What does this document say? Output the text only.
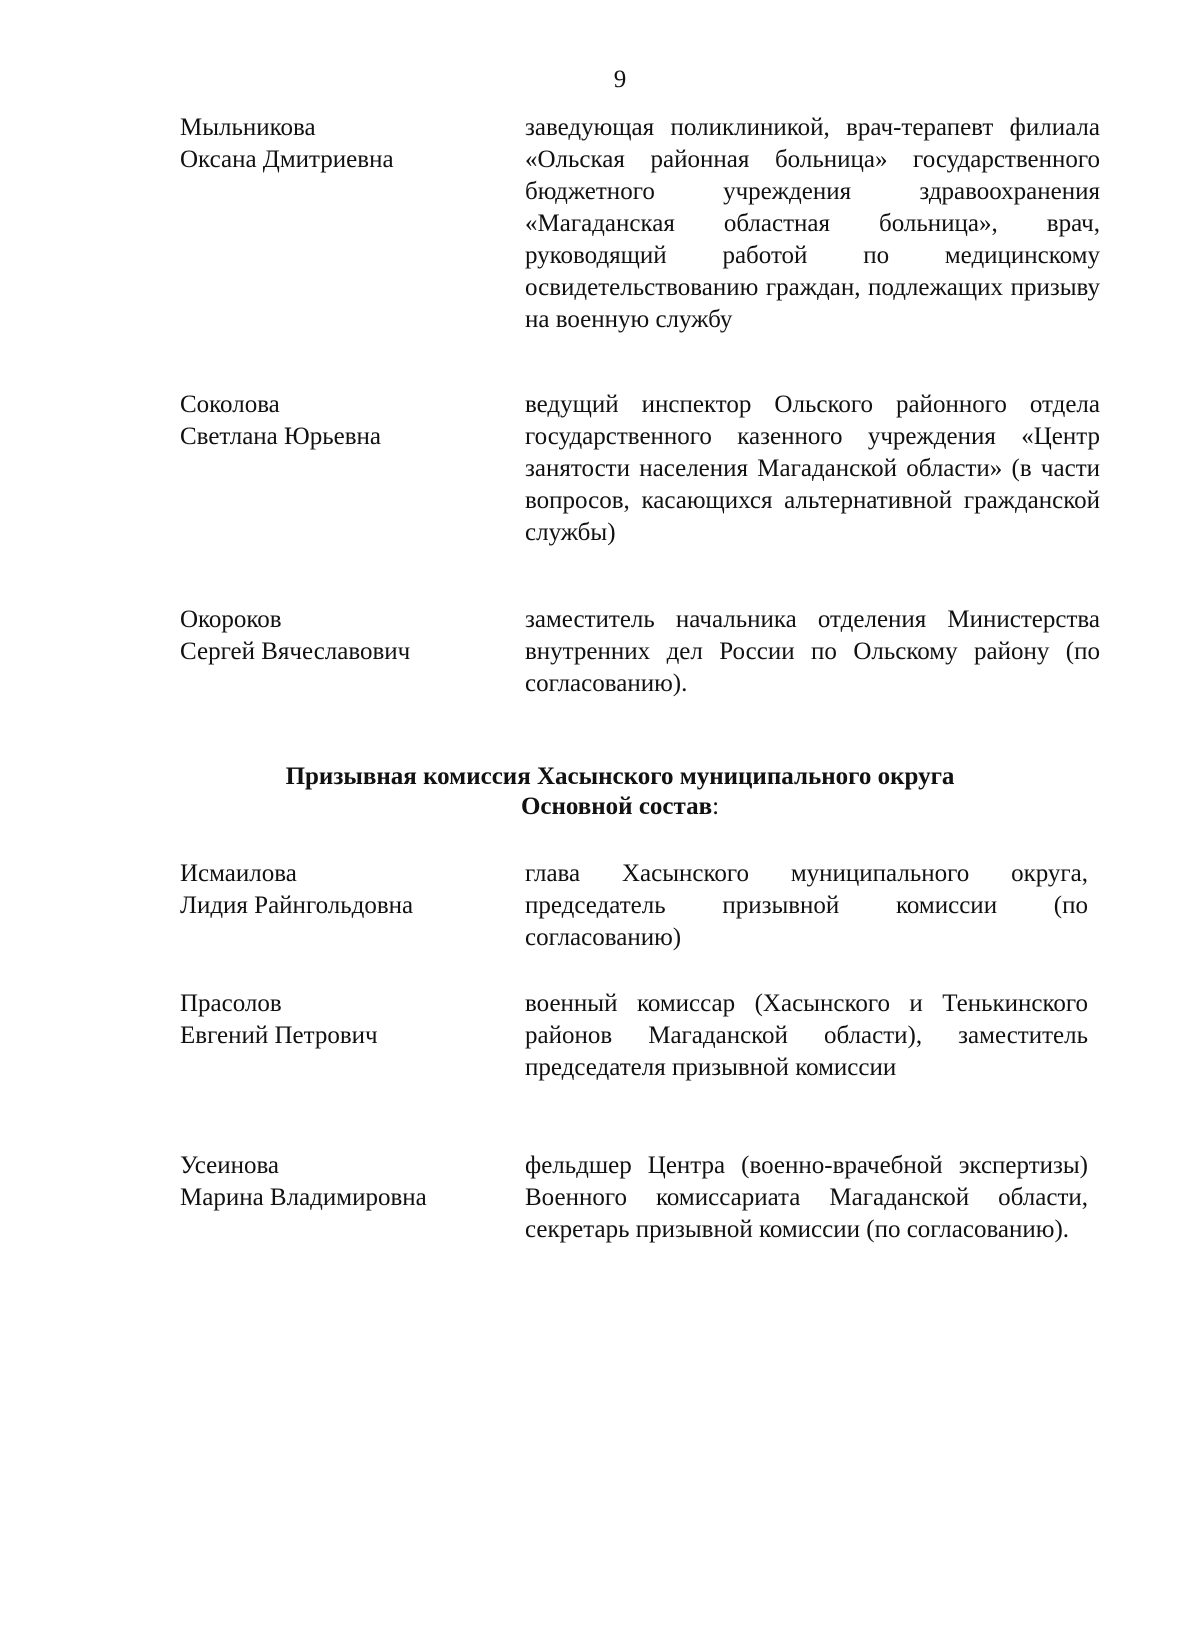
9
Мыльникова
Оксана Дмитриевна
заведующая поликлиникой, врач-терапевт филиала «Ольская районная больница» государственного бюджетного учреждения здравоохранения «Магаданская областная больница», врач, руководящий работой по медицинскому освидетельствованию граждан, подлежащих призыву на военную службу
Соколова
Светлана Юрьевна
ведущий инспектор Ольского районного отдела государственного казенного учреждения «Центр занятости населения Магаданской области» (в части вопросов, касающихся альтернативной гражданской службы)
Окороков
Сергей Вячеславович
заместитель начальника отделения Министерства внутренних дел России по Ольскому району (по согласованию).
Призывная комиссия Хасынского муниципального округа
Основной состав:
Исмаилова
Лидия Райнгольдовна
глава Хасынского муниципального округа, председатель призывной комиссии (по согласованию)
Прасолов
Евгений Петрович
военный комиссар (Хасынского и Тенькинского районов Магаданской области), заместитель председателя призывной комиссии
Усеинова
Марина Владимировна
фельдшер Центра (военно-врачебной экспертизы) Военного комиссариата Магаданской области, секретарь призывной комиссии (по согласованию).
